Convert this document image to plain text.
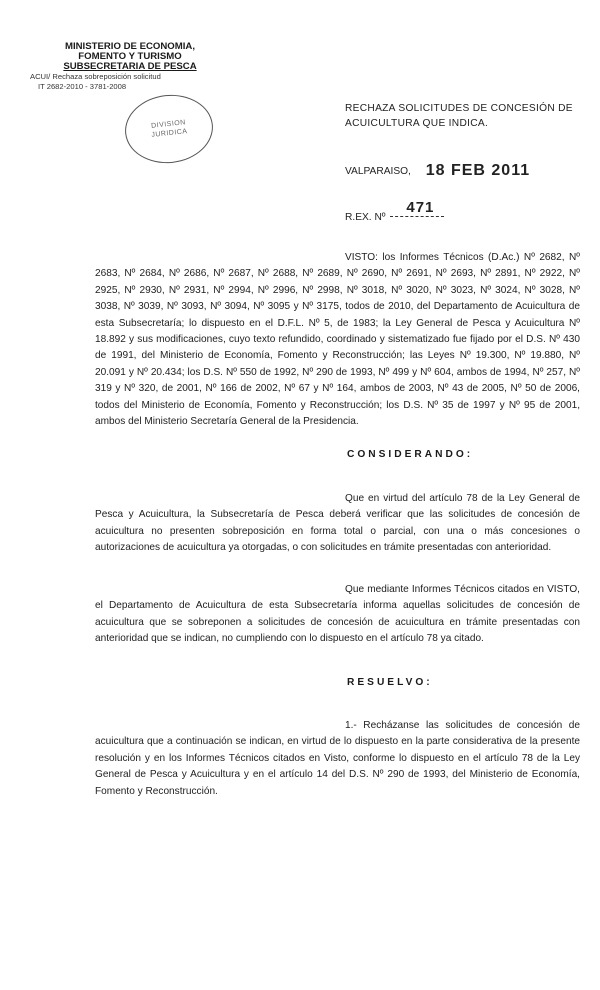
MINISTERIO DE ECONOMIA,
FOMENTO Y TURISMO
SUBSECRETARIA DE PESCA
ACUI/ Rechaza sobreposición solicitud
IT 2682-2010 - 3781-2008
DIVISION
JURIDICA
RECHAZA SOLICITUDES DE CONCESIÓN DE ACUICULTURA QUE INDICA.
VALPARAISO, 18 FEB 2011
R.EX. Nº 471
VISTO: los Informes Técnicos (D.Ac.) Nº 2682, Nº 2683, Nº 2684, Nº 2686, Nº 2687, Nº 2688, Nº 2689, Nº 2690, Nº 2691, Nº 2693, Nº 2891, Nº 2922, Nº 2925, Nº 2930, Nº 2931, Nº 2994, Nº 2996, Nº 2998, Nº 3018, Nº 3020, Nº 3023, Nº 3024, Nº 3028, Nº 3038, Nº 3039, Nº 3093, Nº 3094, Nº 3095 y Nº 3175, todos de 2010, del Departamento de Acuicultura de esta Subsecretaría; lo dispuesto en el D.F.L. Nº 5, de 1983; la Ley General de Pesca y Acuicultura Nº 18.892 y sus modificaciones, cuyo texto refundido, coordinado y sistematizado fue fijado por el D.S. Nº 430 de 1991, del Ministerio de Economía, Fomento y Reconstrucción; las Leyes Nº 19.300, Nº 19.880, Nº 20.091 y Nº 20.434; los D.S. Nº 550 de 1992, Nº 290 de 1993, Nº 499 y Nº 604, ambos de 1994, Nº 257, Nº 319 y Nº 320, de 2001, Nº 166 de 2002, Nº 67 y Nº 164, ambos de 2003, Nº 43 de 2005, Nº 50 de 2006, todos del Ministerio de Economía, Fomento y Reconstrucción; los D.S. Nº 35 de 1997 y Nº 95 de 2001, ambos del Ministerio Secretaría General de la Presidencia.
CONSIDERANDO:
Que en virtud del artículo 78 de la Ley General de Pesca y Acuicultura, la Subsecretaría de Pesca deberá verificar que las solicitudes de concesión de acuicultura no presenten sobreposición en forma total o parcial, con una o más concesiones o autorizaciones de acuicultura ya otorgadas, o con solicitudes en trámite presentadas con anterioridad.
Que mediante Informes Técnicos citados en VISTO, el Departamento de Acuicultura de esta Subsecretaría informa aquellas solicitudes de concesión de acuicultura que se sobreponen a solicitudes de concesión de acuicultura en trámite presentadas con anterioridad que se indican, no cumpliendo con lo dispuesto en el artículo 78 ya citado.
RESUELVO:
1.- Recházanse las solicitudes de concesión de acuicultura que a continuación se indican, en virtud de lo dispuesto en la parte considerativa de la presente resolución y en los Informes Técnicos citados en Visto, conforme lo dispuesto en el artículo 78 de la Ley General de Pesca y Acuicultura y en el artículo 14 del D.S. Nº 290 de 1993, del Ministerio de Economía, Fomento y Reconstrucción.
